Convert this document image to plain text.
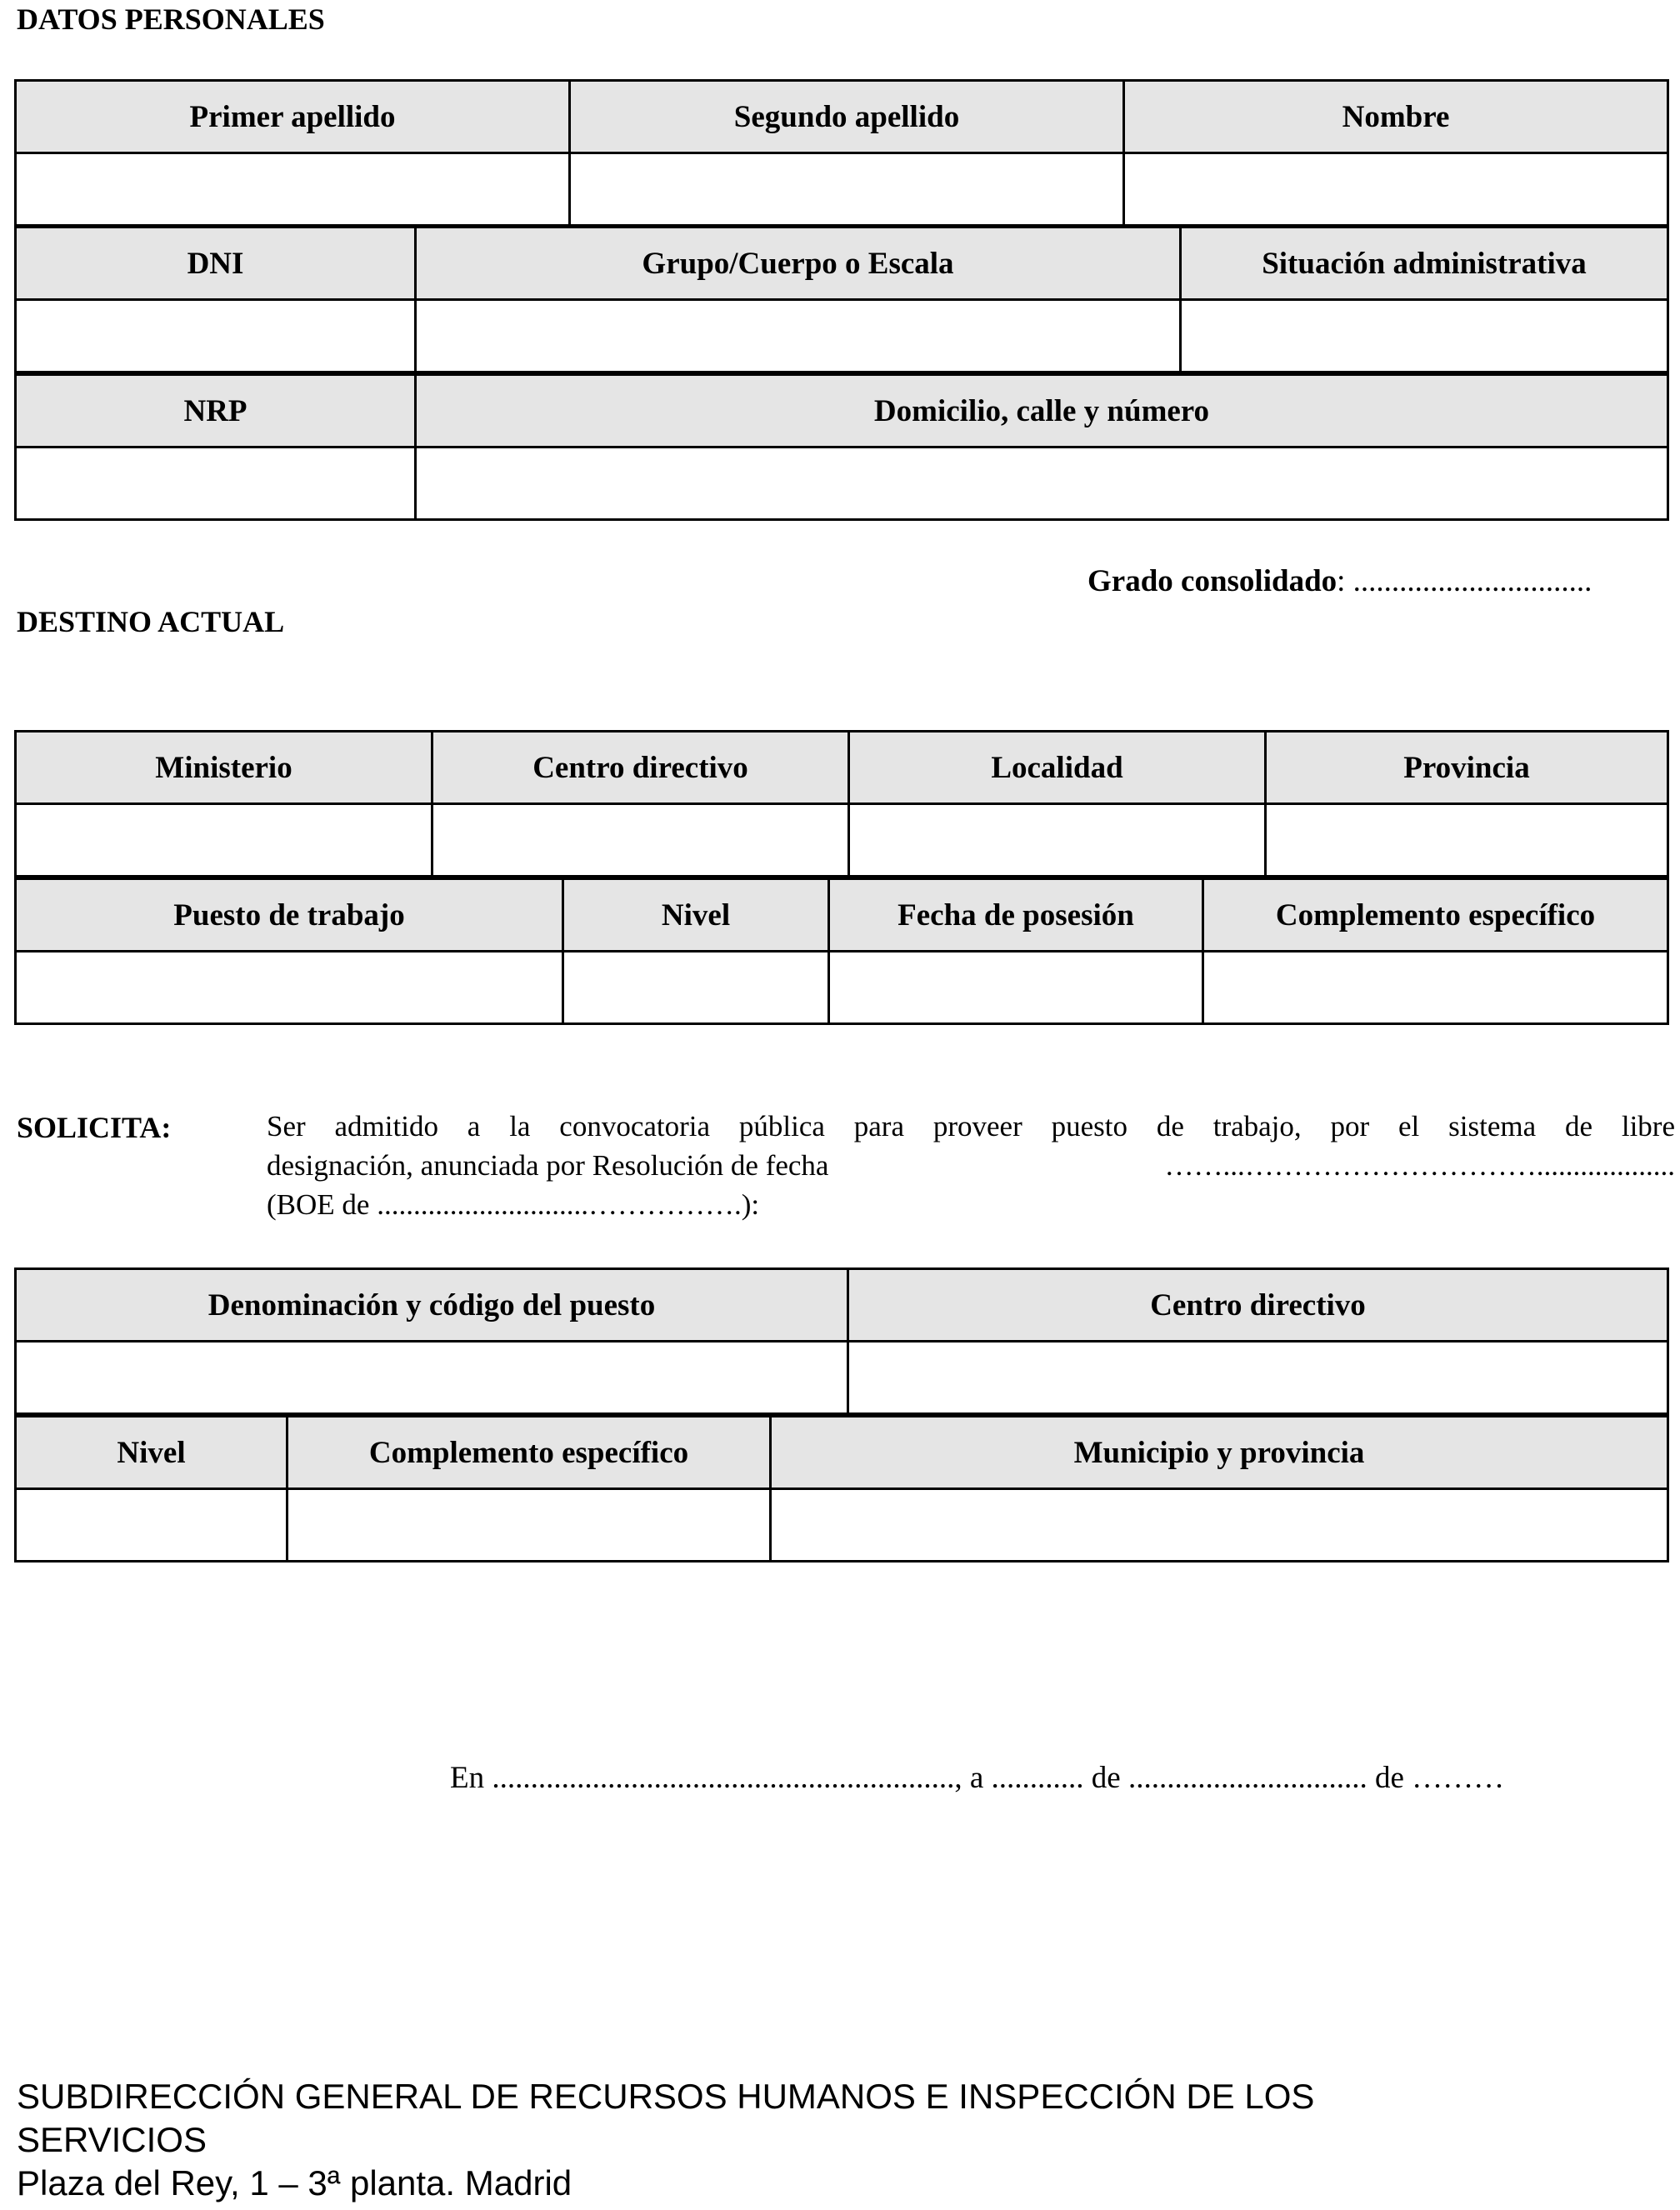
DATOS PERSONALES
Primer apellido	Segundo apellido	Nombre

DNI	Grupo/Cuerpo o Escala	Situación administrativa

NRP	Domicilio, calle y número

Grado consolidado: ...............................
DESTINO ACTUAL
Ministerio	Centro directivo	Localidad	Provincia

Puesto de trabajo	Nivel	Fecha de posesión	Complemento específico

SOLICITA:	Ser admitido a la convocatoria pública para proveer puesto de trabajo, por el sistema de libre
designación, anunciada por Resolución de fecha	……...…………………………...................
(BOE de .............................…………….):
Denominación y código del puesto	Centro directivo

Nivel	Complemento específico	Municipio y provincia

En ............................................................, a ............ de ............................... de ………
SUBDIRECCIÓN GENERAL DE RECURSOS HUMANOS E INSPECCIÓN DE LOS
SERVICIOS
Plaza del Rey, 1 – 3ª planta. Madrid
